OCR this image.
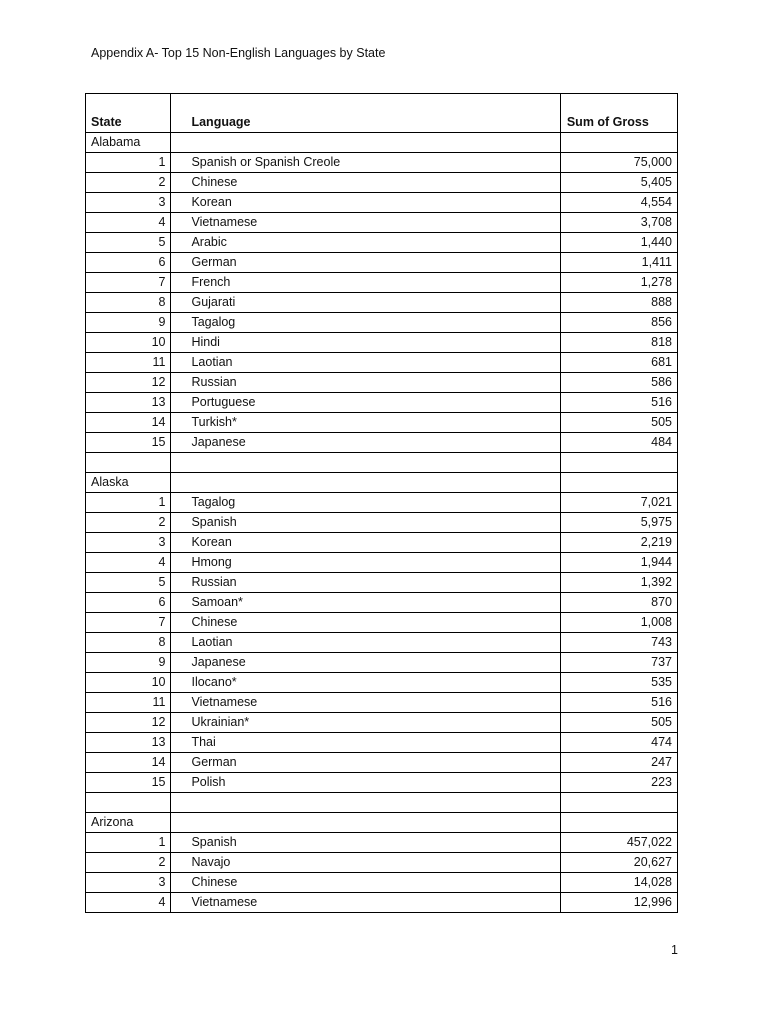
Appendix A- Top 15 Non-English Languages by State
State	Language	Sum of Gross
Alabama		
1	Spanish or Spanish Creole	75,000
2	Chinese	5,405
3	Korean	4,554
4	Vietnamese	3,708
5	Arabic	1,440
6	German	1,411
7	French	1,278
8	Gujarati	888
9	Tagalog	856
10	Hindi	818
11	Laotian	681
12	Russian	586
13	Portuguese	516
14	Turkish*	505
15	Japanese	484

Alaska		
1	Tagalog	7,021
2	Spanish	5,975
3	Korean	2,219
4	Hmong	1,944
5	Russian	1,392
6	Samoan*	870
7	Chinese	1,008
8	Laotian	743
9	Japanese	737
10	Ilocano*	535
11	Vietnamese	516
12	Ukrainian*	505
13	Thai	474
14	German	247
15	Polish	223

Arizona		
1	Spanish	457,022
2	Navajo	20,627
3	Chinese	14,028
4	Vietnamese	12,996
1
